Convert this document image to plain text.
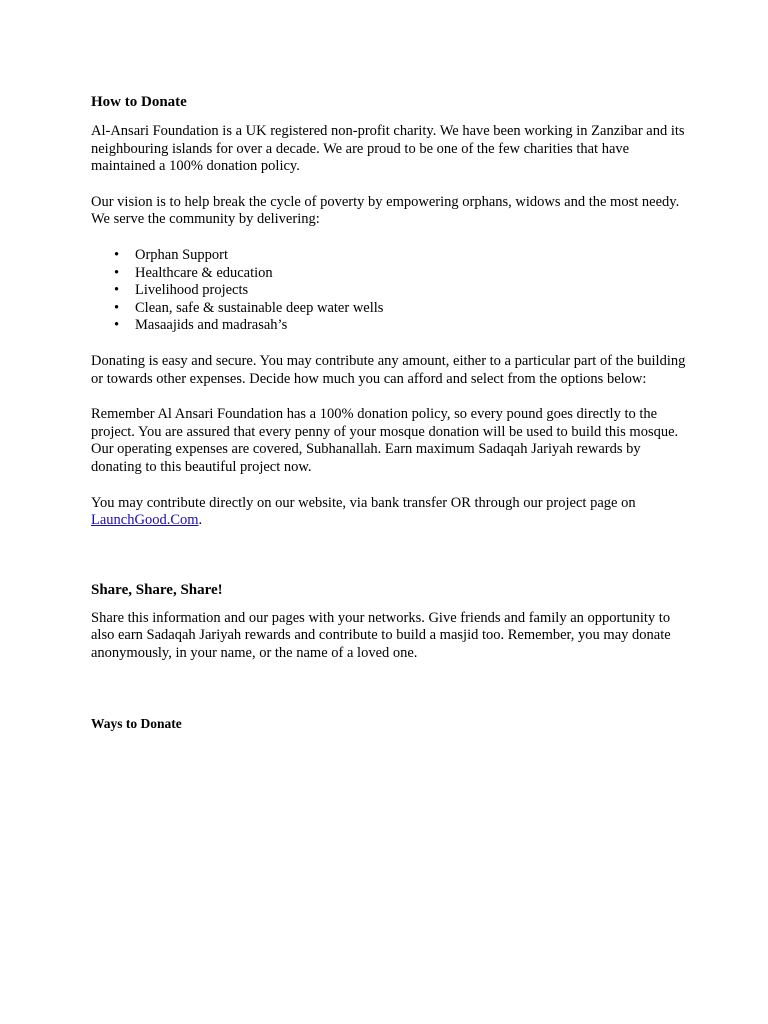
How to Donate

Al-Ansari Foundation is a UK registered non-profit charity. We have been working in Zanzibar and its neighbouring islands for over a decade. We are proud to be one of the few charities that have maintained a 100% donation policy.

Our vision is to help break the cycle of poverty by empowering orphans, widows and the most needy. We serve the community by delivering:

• Orphan Support
• Healthcare & education
• Livelihood projects
• Clean, safe & sustainable deep water wells
• Masaajids and madrasah’s

Donating is easy and secure. You may contribute any amount, either to a particular part of the building or towards other expenses. Decide how much you can afford and select from the options below:

Remember Al Ansari Foundation has a 100% donation policy, so every pound goes directly to the project. You are assured that every penny of your mosque donation will be used to build this mosque. Our operating expenses are covered, Subhanallah. Earn maximum Sadaqah Jariyah rewards by donating to this beautiful project now.

You may contribute directly on our website, via bank transfer OR through our project page on LaunchGood.Com.

Share, Share, Share!

Share this information and our pages with your networks. Give friends and family an opportunity to also earn Sadaqah Jariyah rewards and contribute to build a masjid too. Remember, you may donate anonymously, in your name, or the name of a loved one.

Ways to Donate
